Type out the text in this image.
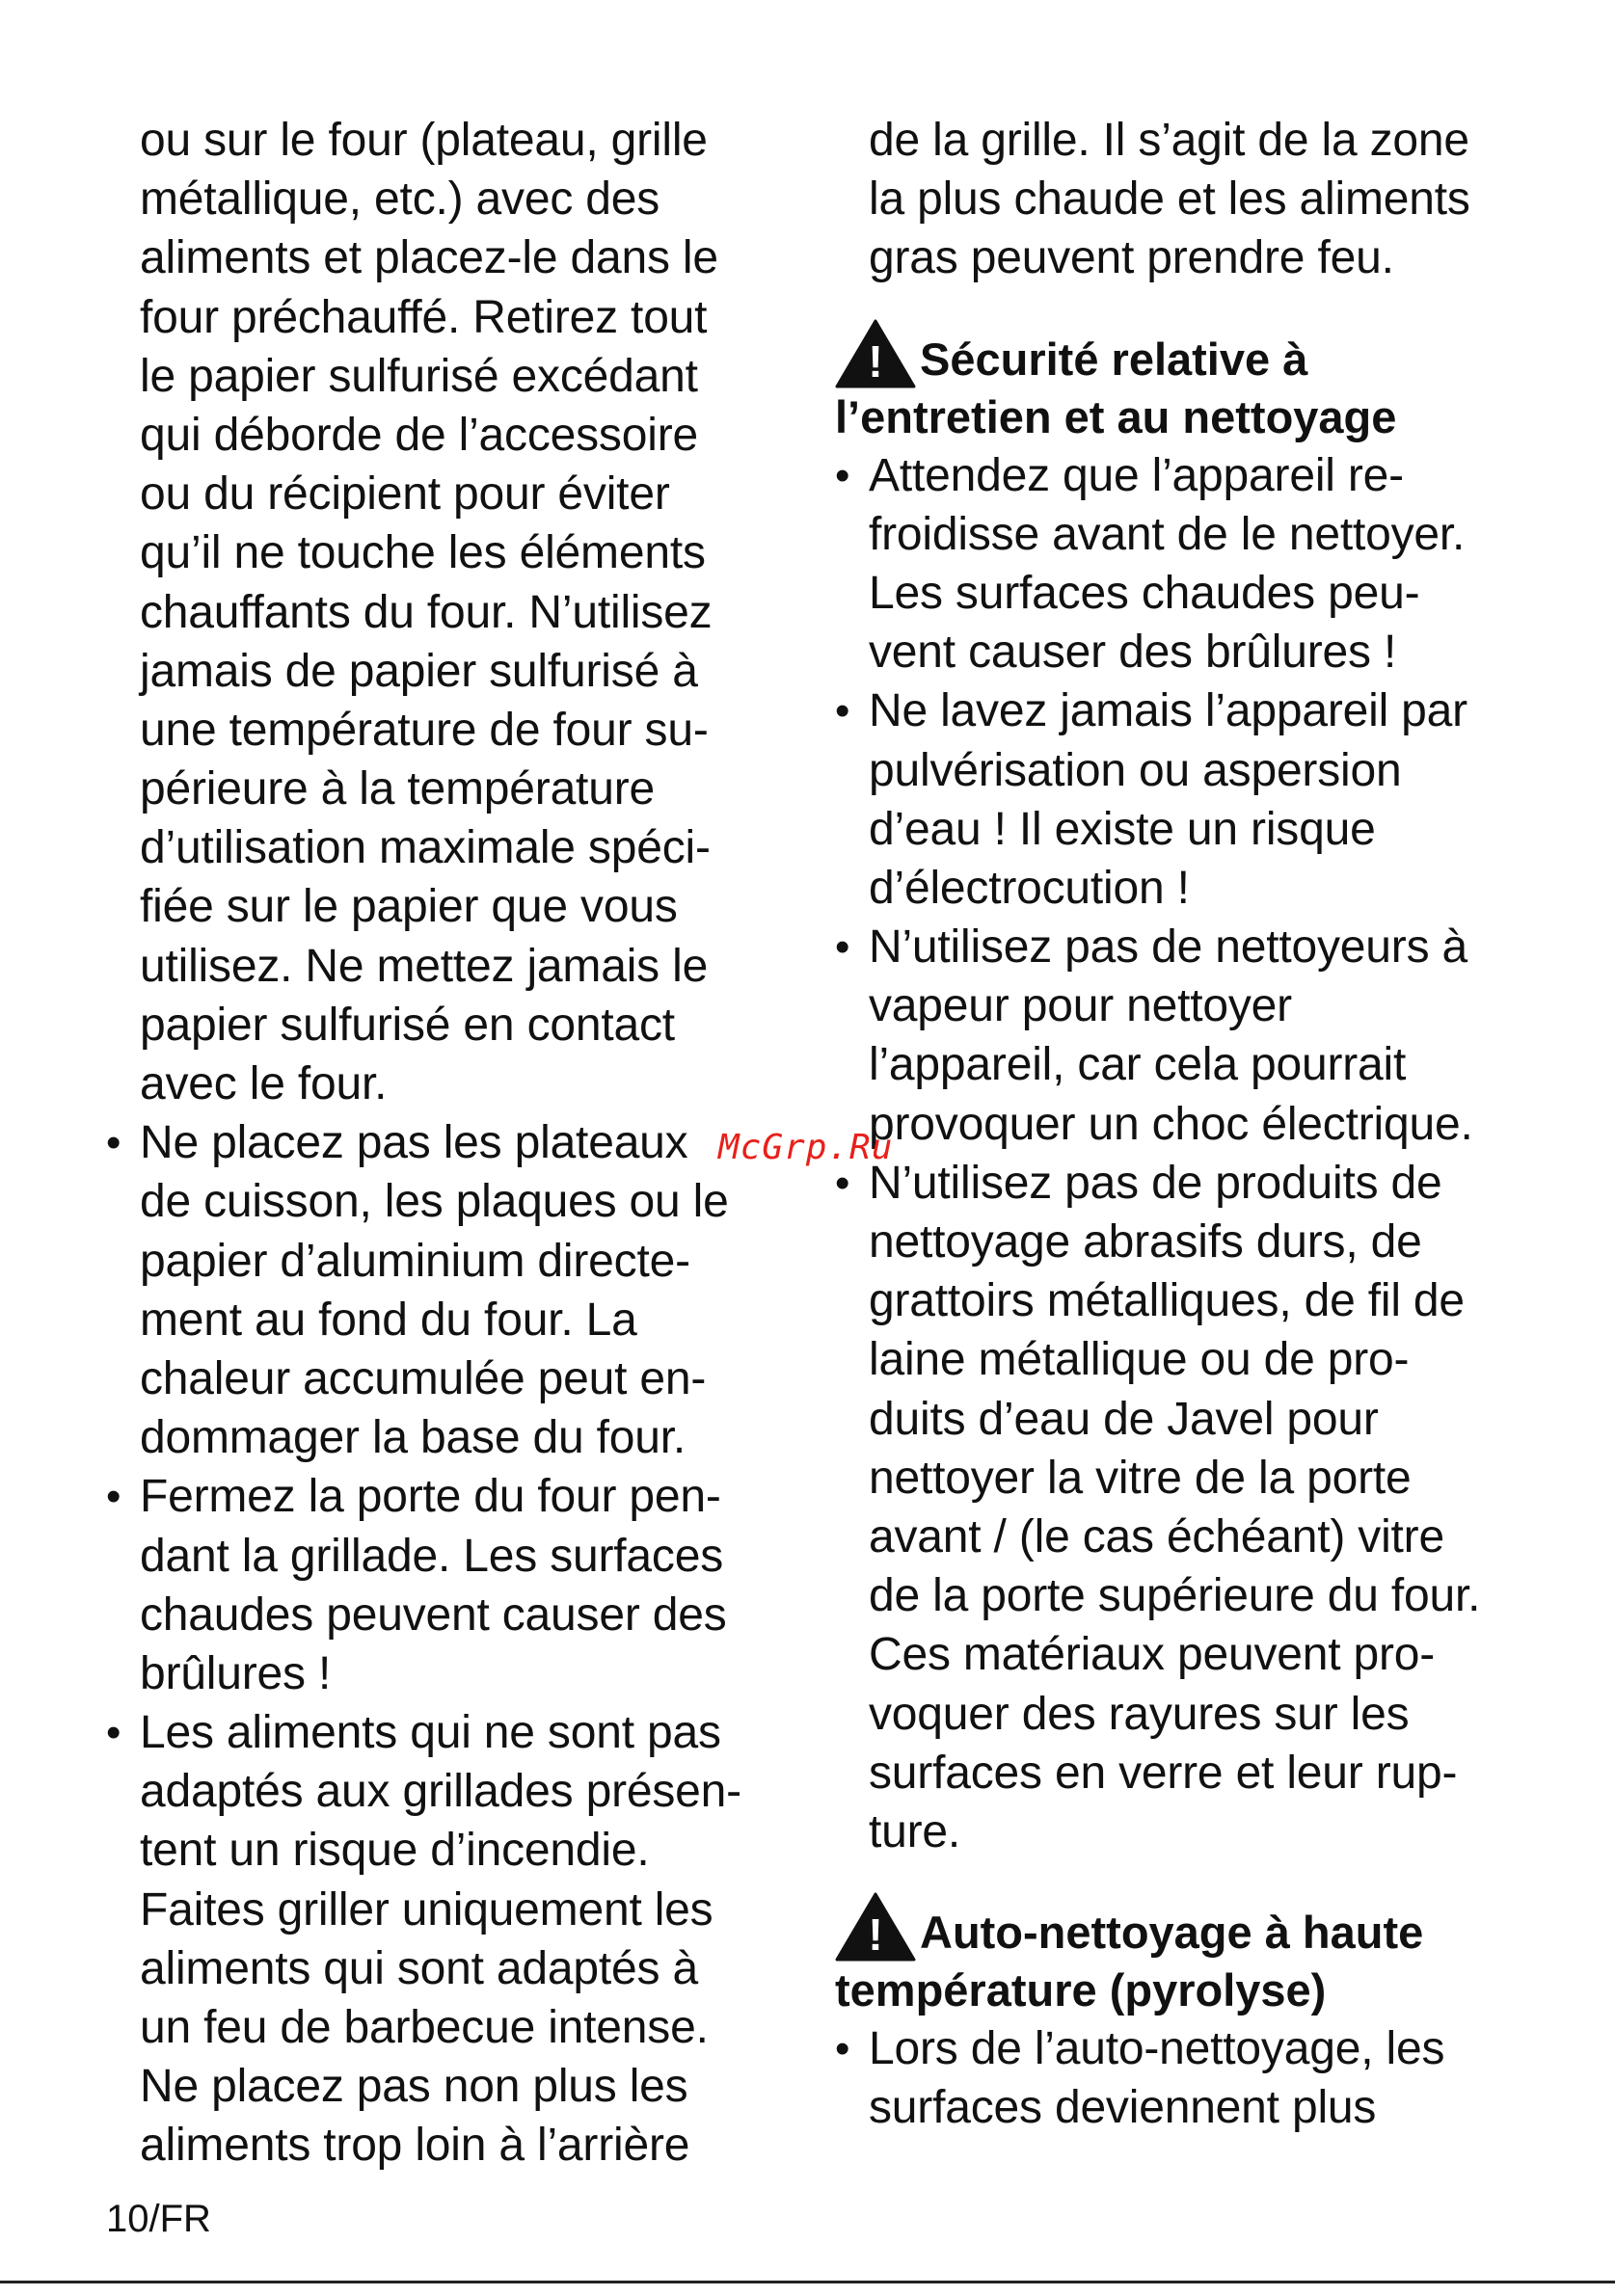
ou sur le four (plateau, grille
métallique, etc.) avec des
aliments et placez-le dans le
four préchauffé. Retirez tout
le papier sulfurisé excédant
qui déborde de l’accessoire
ou du récipient pour éviter
qu’il ne touche les éléments
chauffants du four. N’utilisez
jamais de papier sulfurisé à
une température de four su-
périeure à la température
d’utilisation maximale spéci-
fiée sur le papier que vous
utilisez. Ne mettez jamais le
papier sulfurisé en contact
avec le four.
• Ne placez pas les plateaux
de cuisson, les plaques ou le
papier d’aluminium directe-
ment au fond du four. La
chaleur accumulée peut en-
dommager la base du four.
• Fermez la porte du four pen-
dant la grillade. Les surfaces
chaudes peuvent causer des
brûlures !
• Les aliments qui ne sont pas
adaptés aux grillades présen-
tent un risque d’incendie.
Faites griller uniquement les
aliments qui sont adaptés à
un feu de barbecue intense.
Ne placez pas non plus les
aliments trop loin à l’arrière
de la grille. Il s’agit de la zone
la plus chaude et les aliments
gras peuvent prendre feu.
! Sécurité relative à
l’entretien et au nettoyage
• Attendez que l’appareil re-
froidisse avant de le nettoyer.
Les surfaces chaudes peu-
vent causer des brûlures !
• Ne lavez jamais l’appareil par
pulvérisation ou aspersion
d’eau ! Il existe un risque
d’électrocution !
• N’utilisez pas de nettoyeurs à
vapeur pour nettoyer
l’appareil, car cela pourrait
provoquer un choc électrique.
• N’utilisez pas de produits de
nettoyage abrasifs durs, de
grattoirs métalliques, de fil de
laine métallique ou de pro-
duits d’eau de Javel pour
nettoyer la vitre de la porte
avant / (le cas échéant) vitre
de la porte supérieure du four.
Ces matériaux peuvent pro-
voquer des rayures sur les
surfaces en verre et leur rup-
ture.
! Auto-nettoyage à haute
température (pyrolyse)
• Lors de l’auto-nettoyage, les
surfaces deviennent plus
McGrp.Ru
10/FR
